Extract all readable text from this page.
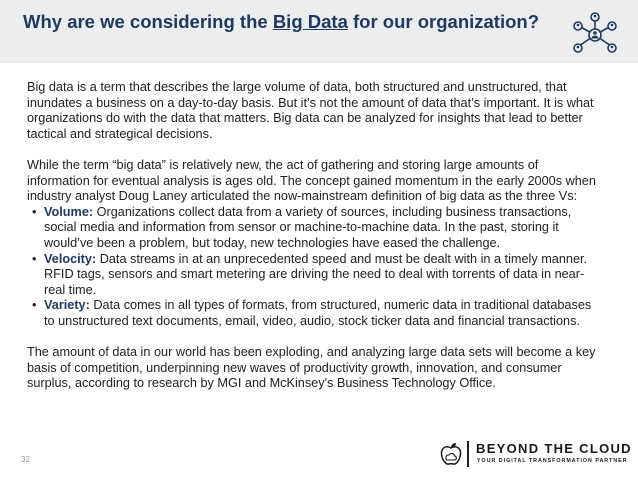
Why are we considering the Big Data for our organization?

Big data is a term that describes the large volume of data, both structured and unstructured, that inundates a business on a day-to-day basis. But it’s not the amount of data that’s important. It is what organizations do with the data that matters. Big data can be analyzed for insights that lead to better tactical and strategical decisions.

While the term “big data” is relatively new, the act of gathering and storing large amounts of information for eventual analysis is ages old. The concept gained momentum in the early 2000s when industry analyst Doug Laney articulated the now-mainstream definition of big data as the three Vs:

• Volume: Organizations collect data from a variety of sources, including business transactions, social media and information from sensor or machine-to-machine data. In the past, storing it would’ve been a problem, but today, new technologies have eased the challenge.
• Velocity: Data streams in at an unprecedented speed and must be dealt with in a timely manner. RFID tags, sensors and smart metering are driving the need to deal with torrents of data in near-real time.
• Variety: Data comes in all types of formats, from structured, numeric data in traditional databases to unstructured text documents, email, video, audio, stock ticker data and financial transactions.

The amount of data in our world has been exploding, and analyzing large data sets will become a key basis of competition, underpinning new waves of productivity growth, innovation, and consumer surplus, according to research by MGI and McKinsey's Business Technology Office.

32
BEYOND THE CLOUD
YOUR DIGITAL TRANSFORMATION PARTNER
